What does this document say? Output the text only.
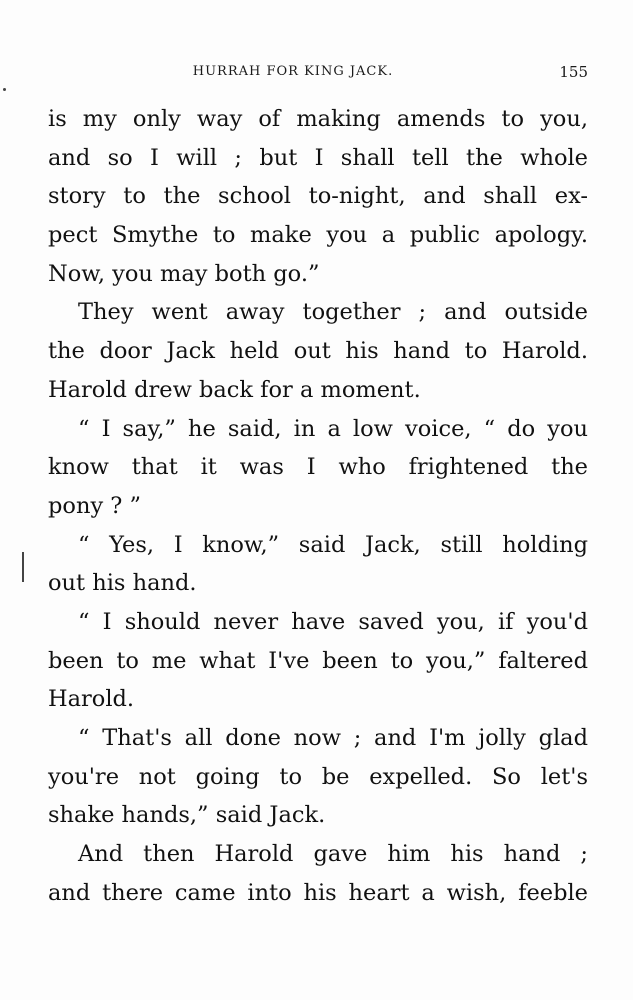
HURRAH FOR KING JACK.	155
is my only way of making amends to you,
and so I will ; but I shall tell the whole
story to the school to-night, and shall ex-
pect Smythe to make you a public apology.
Now, you may both go.”
They went away together ; and outside
the door Jack held out his hand to Harold.
Harold drew back for a moment.
“ I say,” he said, in a low voice, “ do you
know that it was I who frightened the
pony ? ”
“ Yes, I know,” said Jack, still holding
out his hand.
“ I should never have saved you, if you'd
been to me what I've been to you,” faltered
Harold.
“ That's all done now ; and I'm jolly glad
you're not going to be expelled. So let's
shake hands,” said Jack.
And then Harold gave him his hand ;
and there came into his heart a wish, feeble
